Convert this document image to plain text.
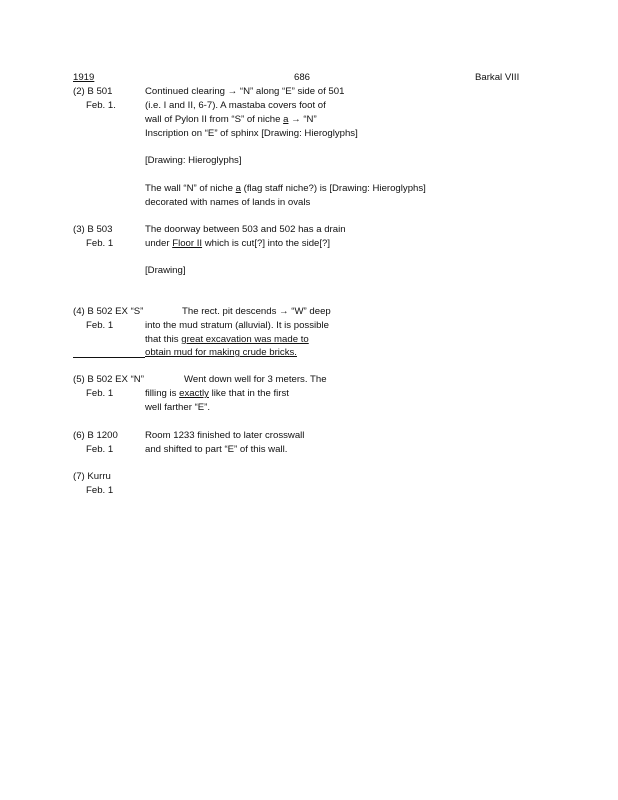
1919	686	Barkal VIII
(2) B 501
Feb. 1.
Continued clearing → “N” along “E” side of 501
(i.e. I and II, 6-7). A mastaba covers foot of
wall of Pylon II from “S” of niche a → “N”
Inscription on “E” of sphinx [Drawing: Hieroglyphs]
[Drawing: Hieroglyphs]
The wall “N” of niche a (flag staff niche?) is [Drawing: Hieroglyphs]
decorated with names of lands in ovals
(3) B 503
Feb. 1
The doorway between 503 and 502 has a drain
under Floor II which is cut[?] into the side[?]
[Drawing]
(4) B 502 EX “S”
Feb. 1
The rect. pit descends → “W” deep
into the mud stratum (alluvial). It is possible
that this great excavation was made to
obtain mud for making crude bricks.
(5) B 502 EX “N”
Feb. 1
Went down well for 3 meters. The
filling is exactly like that in the first
well farther “E”.
(6) B 1200
Feb. 1
Room 1233 finished to later crosswall
and shifted to part “E” of this wall.
(7) Kurru
Feb. 1
